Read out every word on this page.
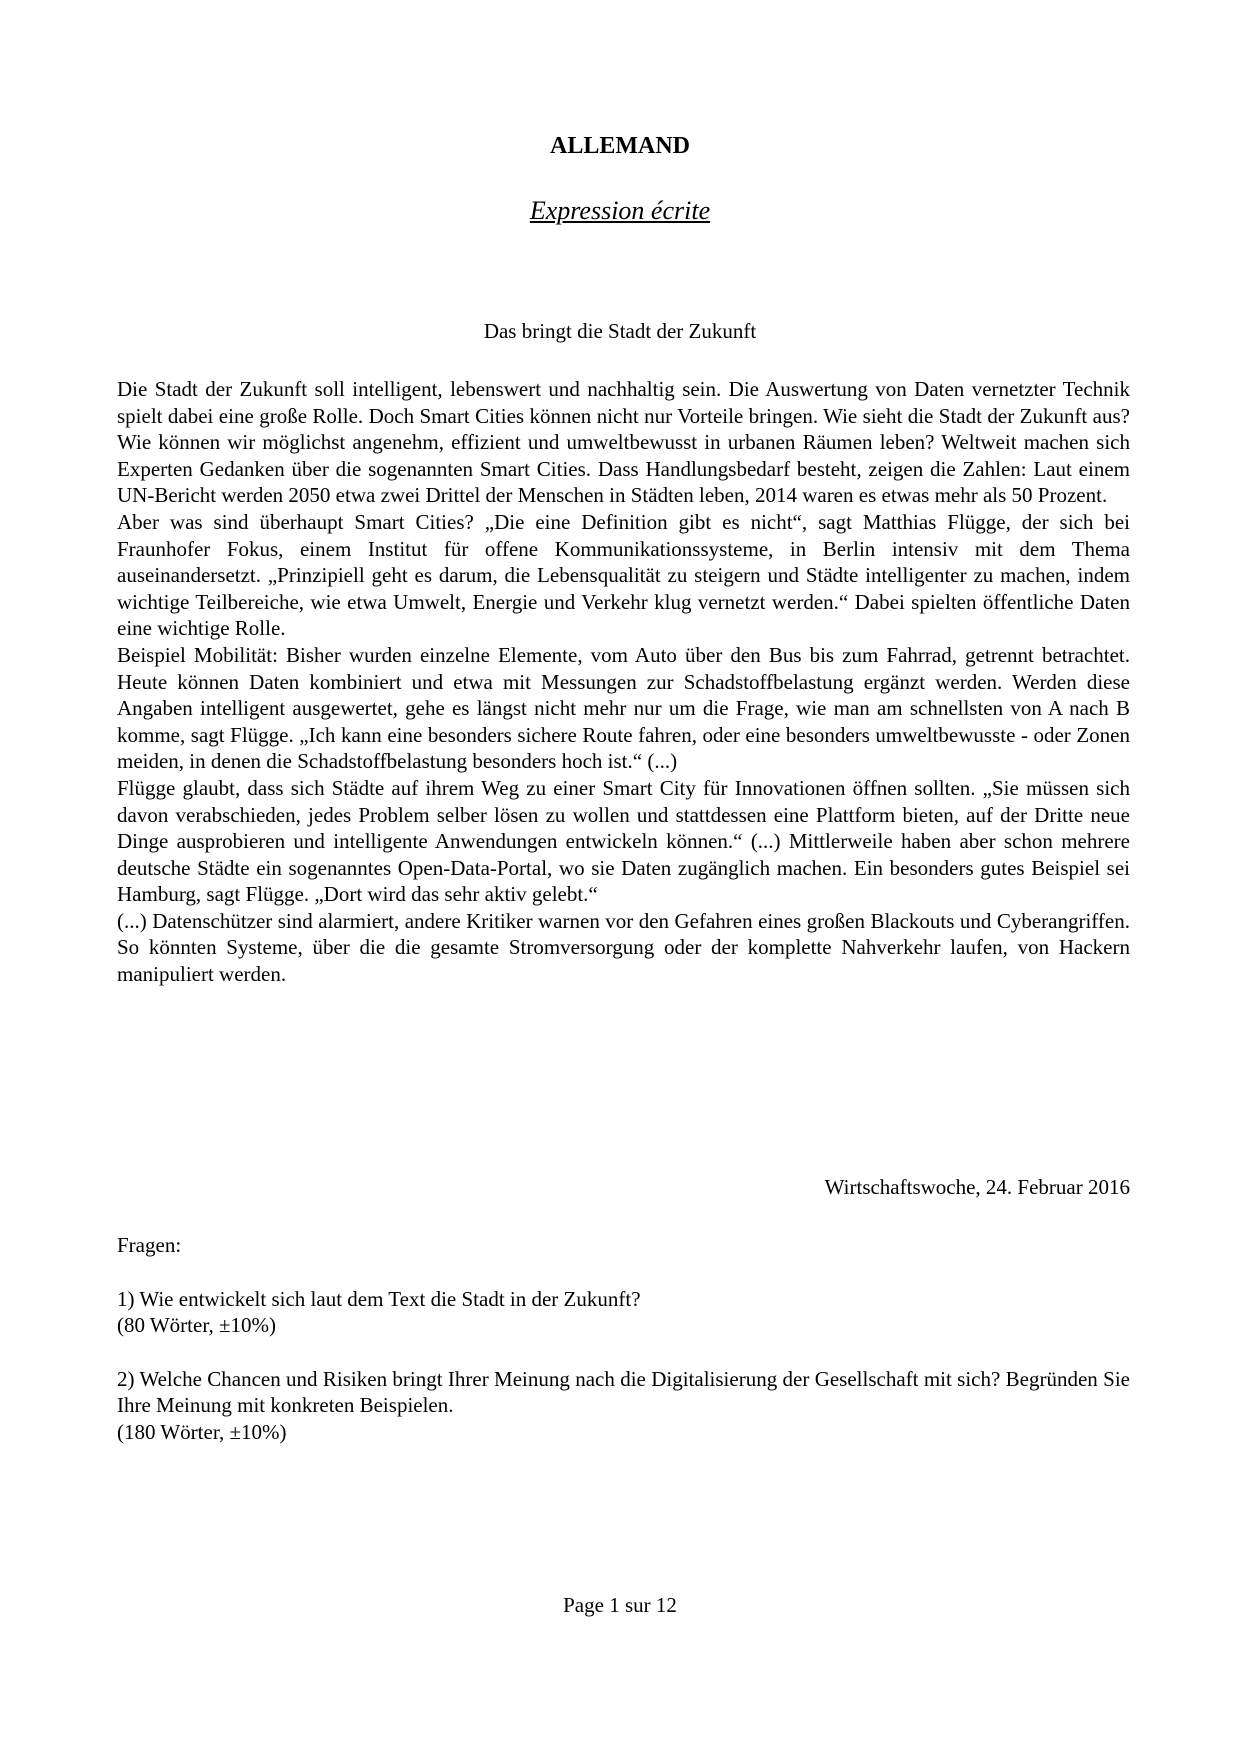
ALLEMAND
Expression écrite
Das bringt die Stadt der Zukunft

Die Stadt der Zukunft soll intelligent, lebenswert und nachhaltig sein. Die Auswertung von Daten vernetzter Technik spielt dabei eine große Rolle. Doch Smart Cities können nicht nur Vorteile bringen. Wie sieht die Stadt der Zukunft aus? Wie können wir möglichst angenehm, effizient und umweltbewusst in urbanen Räumen leben? Weltweit machen sich Experten Gedanken über die sogenannten Smart Cities. Dass Handlungsbedarf besteht, zeigen die Zahlen: Laut einem UN-Bericht werden 2050 etwa zwei Drittel der Menschen in Städten leben, 2014 waren es etwas mehr als 50 Prozent.

Aber was sind überhaupt Smart Cities? „Die eine Definition gibt es nicht“, sagt Matthias Flügge, der sich bei Fraunhofer Fokus, einem Institut für offene Kommunikationssysteme, in Berlin intensiv mit dem Thema auseinandersetzt. „Prinzipiell geht es darum, die Lebensqualität zu steigern und Städte intelligenter zu machen, indem wichtige Teilbereiche, wie etwa Umwelt, Energie und Verkehr klug vernetzt werden.“ Dabei spielten öffentliche Daten eine wichtige Rolle.

Beispiel Mobilität: Bisher wurden einzelne Elemente, vom Auto über den Bus bis zum Fahrrad, getrennt betrachtet. Heute können Daten kombiniert und etwa mit Messungen zur Schadstoffbelastung ergänzt werden. Werden diese Angaben intelligent ausgewertet, gehe es längst nicht mehr nur um die Frage, wie man am schnellsten von A nach B komme, sagt Flügge. „Ich kann eine besonders sichere Route fahren, oder eine besonders umweltbewusste - oder Zonen meiden, in denen die Schadstoffbelastung besonders hoch ist.“ (...)

Flügge glaubt, dass sich Städte auf ihrem Weg zu einer Smart City für Innovationen öffnen sollten. „Sie müssen sich davon verabschieden, jedes Problem selber lösen zu wollen und stattdessen eine Plattform bieten, auf der Dritte neue Dinge ausprobieren und intelligente Anwendungen entwickeln können.“ (...) Mittlerweile haben aber schon mehrere deutsche Städte ein sogenanntes Open-Data-Portal, wo sie Daten zugänglich machen. Ein besonders gutes Beispiel sei Hamburg, sagt Flügge. „Dort wird das sehr aktiv gelebt.“

(...) Datenschützer sind alarmiert, andere Kritiker warnen vor den Gefahren eines großen Blackouts und Cyberangriffen. So könnten Systeme, über die die gesamte Stromversorgung oder der komplette Nahverkehr laufen, von Hackern manipuliert werden.

Wirtschaftswoche, 24. Februar 2016

Fragen:

1) Wie entwickelt sich laut dem Text die Stadt in der Zukunft?

(80 Wörter, ±10%)

2) Welche Chancen und Risiken bringt Ihrer Meinung nach die Digitalisierung der Gesellschaft mit sich? Begründen Sie Ihre Meinung mit konkreten Beispielen.

(180 Wörter, ±10%)

Page 1 sur 12
